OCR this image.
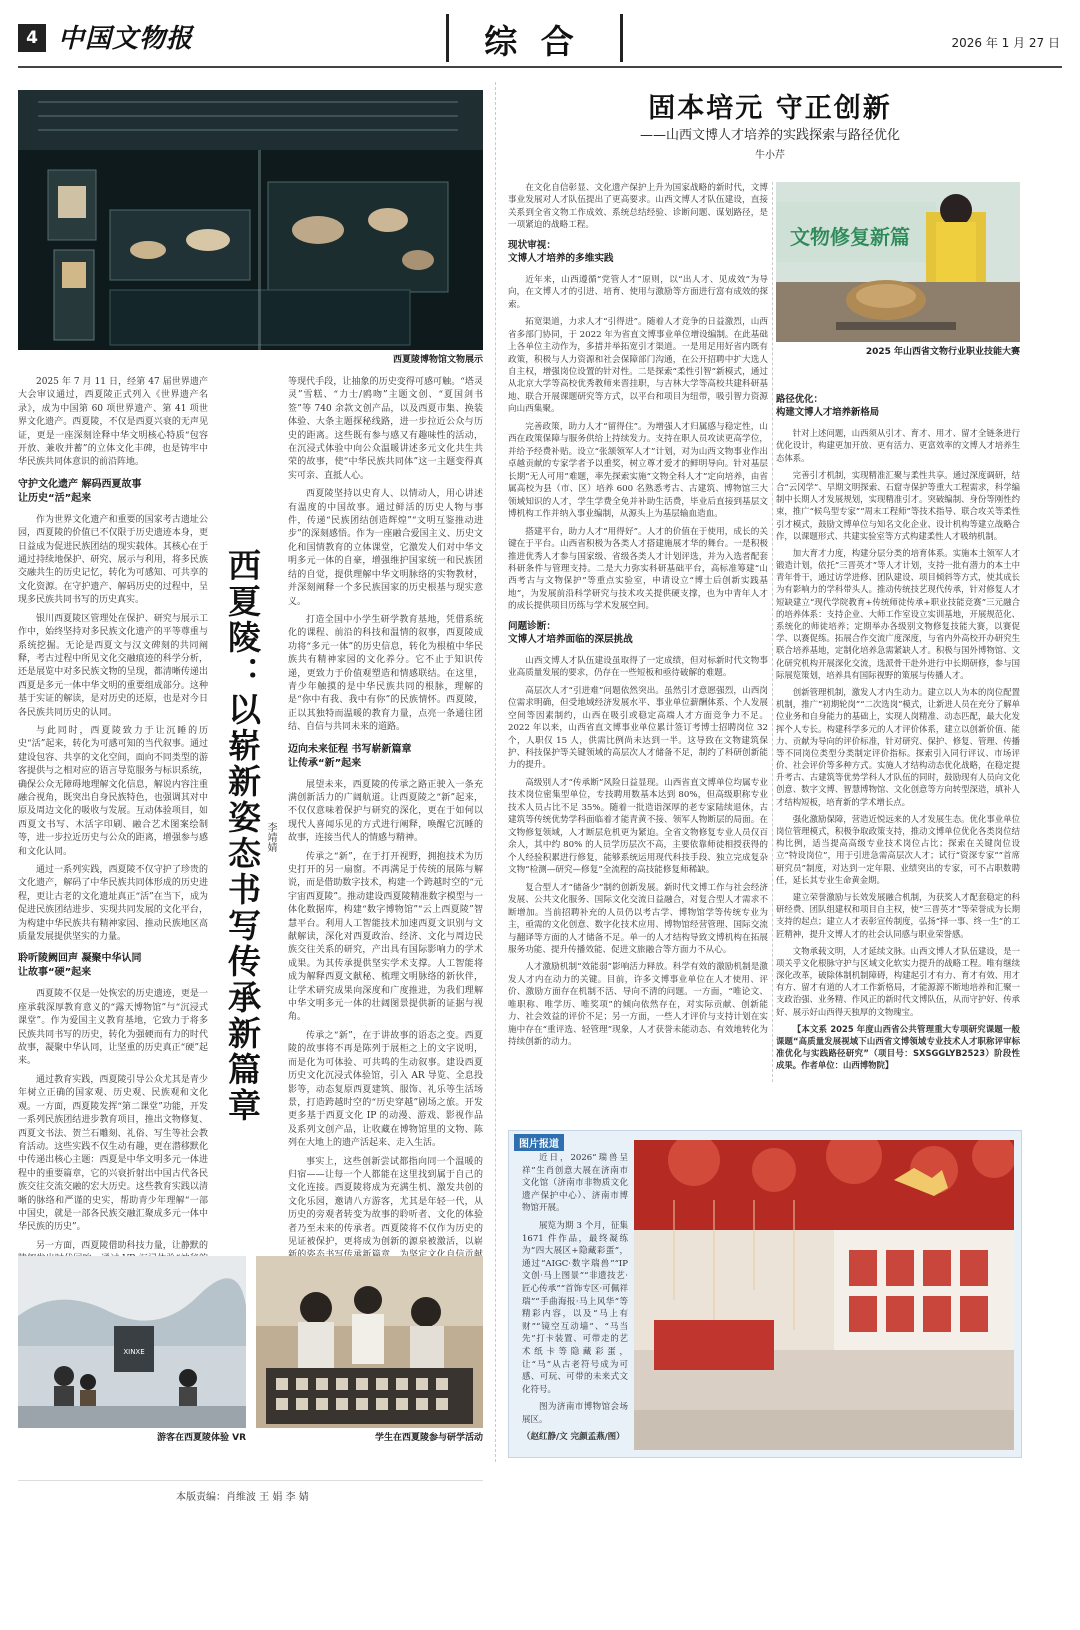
4 中国文物报	综 合	2026 年 1 月 27 日
西夏陵博物馆文物展示

2025 年 7 月 11 日，经第 47 届世界遗产大会审议通过，西夏陵正式列入《世界遗产名录》，成为中国第 60 项世界遗产、第 41 项世界文化遗产。西夏陵，不仅是西夏兴衰的无声见证，更是一座深刻诠释中华文明核心特质“包容开放、兼收并蓄”的立体文化丰碑，也是铸牢中华民族共同体意识的前沿阵地。

守护文化遗产 解码西夏故事
让历史“活”起来

作为世界文化遗产和重要的国家考古遗址公园，西夏陵的价值已不仅限于历史遗迹本身，更日益成为促进民族团结的现实载体。其核心在于通过持续地保护、研究、展示与利用，将多民族交融共生的历史记忆，转化为可感知、可共享的文化资源。在守护遗产、解码历史的过程中，呈现多民族共同书写的历史真实。

银川西夏陵区管理处在保护、研究与展示工作中，始终坚持对多民族文化遗产的平等尊重与系统挖掘。无论是西夏文与汉文碑刻的共同阐释，考古过程中所见文化交融痕迹的科学分析，还是展览中对多民族文物的呈现，都清晰传递出西夏是多元一体中华文明的重要组成部分。这种基于实证的解读，是对历史的还原，也是对今日各民族共同历史的认同。

与此同时，西夏陵致力于让沉睡的历史“活”起来，转化为可感可知的当代叙事。通过建设包容、共享的文化空间，面向不同类型的游客提供与之相对应的语言导览服务与标识系统，确保公众无障碍地理解文化信息，解说内容注重融合视角，既突出自身民族特色，也强调其对中原及周边文化的吸收与发展。互动体验项目，如西夏文书写、木活字印刷、融合艺术图案绘制等，进一步拉近历史与公众的距离，增强参与感和文化认同。

通过一系列实践，西夏陵不仅守护了珍贵的文化遗产，解码了中华民族共同体形成的历史进程，更让古老的文化遗址真正“活”在当下，成为促进民族团结进步、实现共同发展的文化平台，为构建中华民族共有精神家园、推动民族地区高质量发展提供坚实的力量。

聆听陵阙回声 凝聚中华认同
让故事“硬”起来

西夏陵不仅是一处恢宏的历史遗迹，更是一座承载深厚教育意义的“露天博物馆”与“沉浸式课堂”。作为爱国主义教育基地，它致力于将多民族共同书写的历史，转化为强硬而有力的时代故事，凝聚中华认同，让坚重的历史真正“硬”起来。

通过教育实践，西夏陵引导公众尤其是青少年树立正确的国家观、历史观、民族观和文化观。一方面，西夏陵发挥“第二课堂”功能，开发一系列民族团结进步教育项目，推出文物修复、西夏文书法、贺兰石雕刻、礼俗、写生等社会教育活动。这些实践不仅生动有趣，更在潜移默化中传递出核心主题：西夏是中华文明多元一体进程中的重要篇章，它的兴衰折射出中国古代各民族交往交流交融的宏大历史。这些教育实践以清晰的脉络和严谨的史实，帮助青少年理解“一部中国史，就是一部各民族交融汇聚成多元一体中华民族的历史”。

另一方面，西夏陵借助科技力量，让静默的

西夏陵：以崭新姿态书写传承新篇章 李靖婧

等现代手段，让抽象的历史变得可感可触。“塔灵灵”雪糕、“力士/鸥吻”主题文创、“夏国剑书签”等 740 余款文创产品，以及西夏市集、换装体验、大条主题探秘线路，进一步拉近公众与历史的距离。这些既有参与感又有趣味性的活动，在沉浸式体验中向公众温暖讲述多元文化共生共荣的故事，使“中华民族共同体”这一主题变得真实可亲、直抵人心。

西夏陵坚持以史育人、以情动人，用心讲述有温度的中国故事。通过鲜活的历史人物与事件，传递“民族团结创造辉煌”“文明互鉴推动进步”的深刻感悟。作为一座融合爱国主义、历史文化和国情教育的立体课堂，它激发人们对中华文明多元一体的自豪，增强维护国家统一和民族团结的自觉，提供理解中华文明脉络的实物教材，并深刻阐释一个多民族国家的历史根基与现实意义。

打造全国中小学生研学教育基地，凭借系统化的课程、前沿的科技和温情的叙事，西夏陵成功将“多元一体”的历史信息，转化为根植中华民族共有精神家园的文化养分。它不止于知识传递，更致力于价值观塑造和情感联结。在这里，青少年触摸的是中华民族共同的根脉，理解的是“你中有我、我中有你”的民族情怀。西夏陵，正以其独特而温暖的教育力量，点亮一条通往团结、自信与共同未来的道路。

迈向未来征程 书写崭新篇章
让传承“新”起来

展望未来，西夏陵的传承之路正驶入一条充满创新活力的广阔航道。让西夏陵之“新”起来，不仅仅意味着保护与研究的深化，更在于如何以现代人喜闻乐见的方式进行阐释，唤醒它沉睡的故事，连接当代人的情感与精神。

传承之“新”，在于打开视野，拥抱技术为历史打开的另一扇窗。不再满足于传统的展陈与解说，而是借助数字技术，构建一个跨越时空的“元宇宙西夏陵”。推动建设西夏陵精准数字模型与一体化数据库，构建“数字博物馆”“云上西夏陵”智慧平台。利用人工智能技术加速西夏文识别与文献解读，深化对西夏政治、经济、文化与周边民族交往关系的研究，产出具有国际影响力的学术成果。为其传承提供坚实学术支撑。人工智能将成为解释西夏文献秘、梳理文明脉络的新伙伴，让学术研究成果向深度和广度推进，为我们理解中华文明多元一体的壮阔图景提供新的证据与视角。

传承之“新”，在于讲故事的语态之变。西夏陵的故事将不再是陈列于展柜之上的文字说明，而是化为可体验、可共鸣的生动叙事。建设西夏历史文化沉浸式体验馆，引入 AR 导览、全息投影等，动态复原西夏建筑、服饰、礼乐等生活场景，打造跨越时空的“历史穿越”剧场之旅。开发更多基于西夏文化 IP 的动漫、游戏、影视作品及系列文创产品，让收藏在博物馆里的文物、陈列在大地上的遗产活起来、走入生活。

事实上，这些创新尝试都指向同一个温暖的归宿——让每一个人都能在这里找到属于自己的文化连接。西夏陵将成为充满生机、激发共创的文化乐园，邀请八方游客，尤其是年轻一代，从历史的旁观者转变为故事的聆听者、文化的体验者乃至未来的传承者。西夏陵将不仅作为历史的见证被保护，更将成为创新的源泉被激活，以崭

XINXE
游客在西夏陵体验 VR	学生在西夏陵参与研学活动
固本培元 守正创新
——山西文博人才培养的实践探索与路径优化
牛小芹

在文化自信彰显、文化遗产保护上升为国家战略的新时代，文博事业发展对人才队伍提出了更高要求。山西文博人才队伍建设，直接关系到全省文物工作成效、系统总结经验、诊断问题、谋划路径，是一项紧迫的战略工程。

现状审视：
文博人才培养的多维实践

近年来，山西遵循“党管人才”原则，以“出人才、见成效”为导向，在文博人才的引进、培育、使用与激励等方面进行富有成效的探索。

拓宽渠道，力求人才“引得进”。随着人才竞争的日益激烈，山西省多部门协同，于 2022 年为省直文博事业单位增设编制。在此基础上各单位主动作为，多措并举拓宽引才渠道。一是用足用好省内既有政策，积极与人力资源和社会保障部门沟通，在公开招聘中扩大选人自主权，增强岗位设置的针对性。二是探索“柔性引智”新模式，通过从北京大学等高校优秀教师来晋挂职，与吉林大学等高校共建科研基地、联合开展课题研究等方式，以平台和项目为纽带，吸引智力资源向山西集聚。

完善政策，助力人才“留得住”。为增强人才归属感与稳定性，山西在政策保障与服务供给上持续发力。支持在职人员攻读更高学位，并给予经费补贴。设立“张颔领军人才”计划，对为山西文物事业作出卓越贡献的专家学者予以重奖，树立尊才爱才的鲜明导向。针对基层长期“无人可用”难题，率先探索实施“文物全科人才”定向培养，由省属高校为县（市、区）培养 600 名熟悉考古、古建筑、博物馆三大领域知识的人才，学生学费全免并补助生活费，毕业后直接到基层文博机构工作并纳入事业编制，从源头上为基层输血造血。

搭建平台，助力人才“用得好”。人才的价值在于使用，成长的关键在于平台。山西省积极为各类人才搭建施展才华的舞台。一是积极推进优秀人才参与国家级、省级各类人才计划评选，并为入选者配套科研条件与管理支持。二是大力弥实科研基础平台，高标准筹建“山西考古与文物保护”等重点实验室，申请设立“博士后创新实践基地”，为发展前沿科学研究与技术攻关提供硬支撑，也为中青年人才的成长提供项目历练与学术发展空间。

问题诊断：
文博人才培养面临的深层挑战

山西文博人才队伍建设虽取得了一定成绩，但对标新时代文物事业高质量发展的要求，仍存在一些短板和亟待破解的难题。

高层次人才“引进难”问题依然突出。虽然引才意愿强烈，山西岗位需求明确，但受地域经济发展水平、事业单位薪酬体系、个人发展空间等因素制约，山西在吸引或稳定高端人才方面竞争力不足。2022 年以来，山西省直文博事业单位累计签订考博士招聘岗位 32 个，人职仅 15 人，供需比例尚未达到一半。这导致在文物建筑保护、科技保护等关键领域的高层次人才储备不足，制约了科研创新能力的提升。

高级别人才“传承断”风险日益显现。山西省直文博单位均属专业技术岗位密集型单位，专技聘用数基本达到 80%，但高级职称专业技术人员占比不足 35%。随着一批造诣深厚的老专家陆续退休，古建筑等传统优势学科面临着才能青黄不接、领军人物断层的局面。在文物修复领域，人才断层危机更为紧迫。全省文物修复专业人员仅百余人，其中约 80% 的人员学历层次不高，主要依靠师徒相授获得的个人经验积累进行修复，能够系统运用现代科技手段、独立完成复杂文物“检测—研究—修复”全流程的高技能修复师稀缺。

复合型人才“储备少”制约创新发展。新时代文博工作与社会经济发展、公共文化服务、国际文化交流日益融合，对复合型人才需求不断增加。当前招聘补充的人员仍以考古学、博物馆学等传统专业为主，亟需的文化创意、数字化技术应用、博物馆经营管理、国际交流与翻译等方面的人才储备不足。单一的人才结构导致文博机构在拓展服务功能、提升传播效能、促进文旅融合等方面力不从心。

人才激励机制“效能弱”影响活力释放。科学有效的激励机制是激发人才内在动力的关键。目前，许多文博事业单位在人才使用、评价、激励方面存在机制不活、导向不清的问题。一方面，“唯论文、唯职称、唯学历、唯奖项”的倾向依然存在，对实际贡献、创新能力、社会效益的评价不足；另一方面，一些人才评价与支持计划在实施中存在“重评选、轻管理”现象，人才获誉未能动态、有效地转化为持续创新的动力。

文物修复新篇
2025 年山西省文物行业职业技能大赛
路径优化：
构建文博人才培养新格局

针对上述问题，山西须从引才、育才、用才、留才全链条进行优化设计，构建更加开放、更有活力、更富效率的文博人才培养生态体系。

完善引才机制，实现精准汇聚与柔性共享。通过深度调研，结合“云冈学”、早期文明探索、石窟寺保护等重大工程需求，科学编制中长期人才发展规划，实现精准引才。突破编制、身份等刚性约束，推广“候鸟型专家”“周末工程师”等技术指导、联合攻关等柔性引才模式，鼓励文博单位与知名文化企业、设计机构等建立战略合作，以课题形式、共建实验室等方式构建柔性人才吸纳机制。

加大育才力度，构建分层分类的培育体系。实施本土领军人才锻造计划，依托“三晋英才”等人才计划，支持一批有潜力的本土中青年骨干，通过访学进修、团队建设、项目倾斜等方式，使其成长为有影响力的学科带头人。推动传统技艺现代传承，针对修复人才短缺建立“现代学院教育+传统师徒传承+职业技能竞赛”三元融合的培养体系：支持企业、大师工作室设立实训基地，开展规范化、系统化的师徒培养；定期举办各级别文物修复技能大赛，以赛促学、以赛促练。拓展合作交流广度深度，与省内外高校开办研究生联合培养基地，定制化培养急需紧缺人才。积极与国外博物馆、文化研究机构开展深化交流，选派骨干赴外进行中长期研修，参与国际展览策划，培养具有国际视野的策展与传播人才。

创新管理机制，激发人才内生动力。建立以人为本的岗位配置机制，推广“初期轮岗”“二次选岗”模式，让新进人员在充分了解单位业务和自身能力的基础上，实现人岗精准、动态匹配，最大化发挥个人专长。构建科学多元的人才评价体系，建立以创新价值、能力、贡献为导向的评价标准，针对研究、保护、修复、管理、传播等不同岗位类型分类制定评价指标。探索引入同行评议、市场评价、社会评价等多种方式。实施人才结构动态优化战略，在稳定提升考古、古建筑等优势学科人才队伍的同时，鼓励现有人员向文化创意、数字文博、智慧博物馆、文化创意等方向转型深造，填补人才结构短板，培育新的学术增长点。

强化激励保障，营造近悦远来的人才发展生态。优化事业单位岗位管理模式，积极争取政策支持，推动文博单位优化各类岗位结构比例，适当提高高级专业技术岗位占比；探索在关键岗位设立“特设岗位”，用于引进急需高层次人才；试行“资深专家”“首席研究员”制度，对达到一定年限、业绩突出的专家，可不占职数聘任，延长其专业生命黄金期。

建立荣誉激励与长效发展融合机制，为获奖人才配套稳定的科研经费、团队组建权和项目自主权，使“三晋英才”等荣誉成为长期支持的起点；建立人才表彰宣传制度，弘扬“择一事、终一生”的工匠精神，提升文博人才的社会认同感与职业荣誉感。

文物承载文明，人才延续文脉。山西文博人才队伍建设，是一项关乎文化根脉守护与区域文化软实力提升的战略工程。唯有继续深化改革，破除体制机制障碍，构建起引才有力、育才有效、用才有方、留才有道的人才工作新格局，才能源源不断地培养和汇聚一支政治强、业务精、作风正的新时代文博队伍，从而守护好、传承好、展示好山西得天独厚的文物瑰宝。

【本文系 2025 年度山西省公共管理重大专项研究课题一般课题“高质量发展视域下山西省文博领域专业技术人才职称评审标准优化与实践路径研究”（项目号：SXSGGLYB2523）阶段性成果。作者单位：山西博物院】

图片报道

近日，2026“瑞兽呈祥”生肖创意大展在济南市文化馆（济南市非物质文化遗产保护中心）、济南市博物馆开展。

展览为期 3 个月，征集 1671 件作品，最终凝练为“四大展区+隐藏彩蛋”，通过“AIGC·数字瑞兽”“IP 文创·马上图景”“非遗技艺·匠心传承”“首饰专区·可佩祥瑞”“手曲海报·马上风华”等精彩内容，以及“马上有财”“镜空互动墙”、“马当先”打卡装置、可带走的艺术纸卡等隐藏彩蛋，让“马”从古老符号成为可感、可玩、可带的未来式文化符号。

图为济南市博物馆会场展区。

（赵红静/文 完颜孟燕/图）

本版责编：肖维波 王 娟 李 婧
